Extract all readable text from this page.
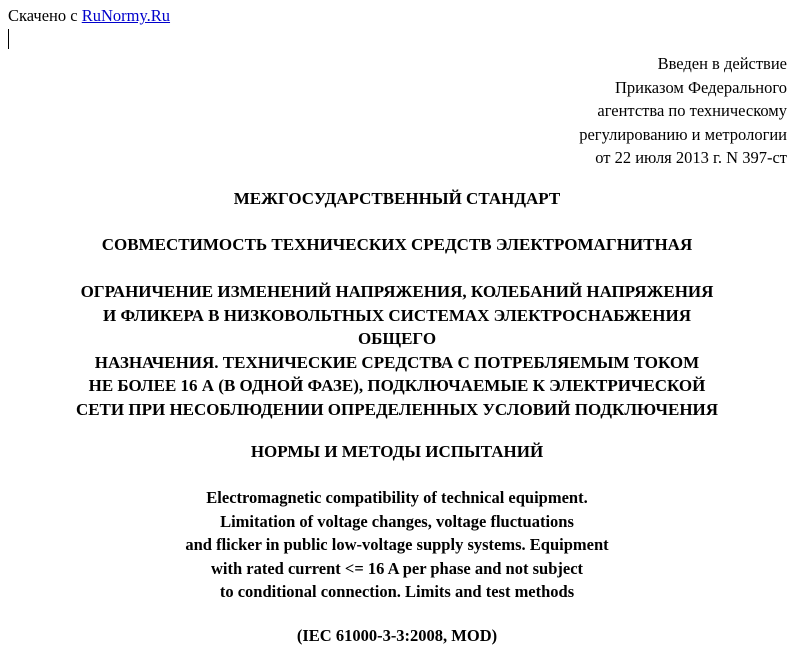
Скачено с RuNormy.Ru
Введен в действие
Приказом Федерального
агентства по техническому
регулированию и метрологии
от 22 июля 2013 г. N 397-ст
МЕЖГОСУДАРСТВЕННЫЙ СТАНДАРТ
СОВМЕСТИМОСТЬ ТЕХНИЧЕСКИХ СРЕДСТВ ЭЛЕКТРОМАГНИТНАЯ
ОГРАНИЧЕНИЕ ИЗМЕНЕНИЙ НАПРЯЖЕНИЯ, КОЛЕБАНИЙ НАПРЯЖЕНИЯ
И ФЛИКЕРА В НИЗКОВОЛЬТНЫХ СИСТЕМАХ ЭЛЕКТРОСНАБЖЕНИЯ
ОБЩЕГО
НАЗНАЧЕНИЯ. ТЕХНИЧЕСКИЕ СРЕДСТВА С ПОТРЕБЛЯЕМЫМ ТОКОМ
НЕ БОЛЕЕ 16 А (В ОДНОЙ ФАЗЕ), ПОДКЛЮЧАЕМЫЕ К ЭЛЕКТРИЧЕСКОЙ
СЕТИ ПРИ НЕСОБЛЮДЕНИИ ОПРЕДЕЛЕННЫХ УСЛОВИЙ ПОДКЛЮЧЕНИЯ
НОРМЫ И МЕТОДЫ ИСПЫТАНИЙ
Electromagnetic compatibility of technical equipment.
Limitation of voltage changes, voltage fluctuations
and flicker in public low-voltage supply systems. Equipment
with rated current <= 16 A per phase and not subject
to conditional connection. Limits and test methods
(IEC 61000-3-3:2008, MOD)
